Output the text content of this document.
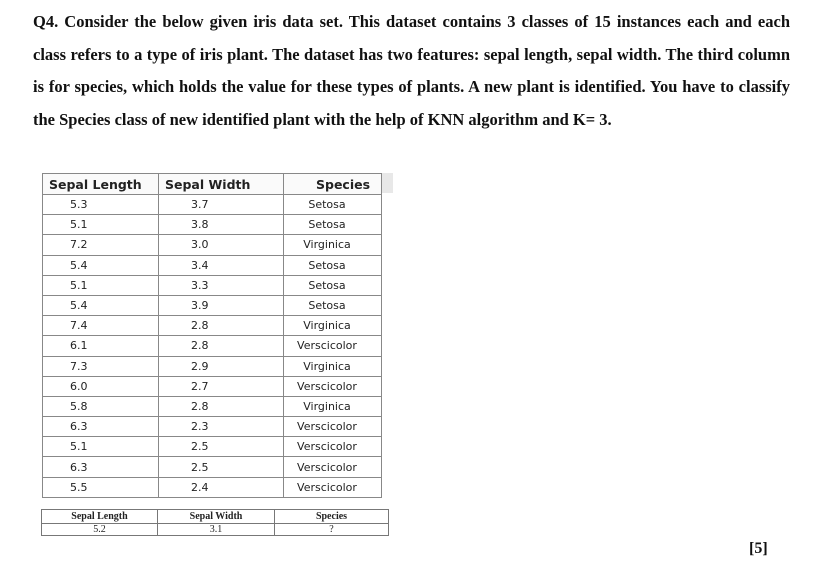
Q4. Consider the below given iris data set. This dataset contains 3 classes of 15 instances each and each class refers to a type of iris plant. The dataset has two features: sepal length, sepal width. The third column is for species, which holds the value for these types of plants. A new plant is identified. You have to classify the Species class of new identified plant with the help of KNN algorithm and K= 3.
Sepal Length	Sepal Width	Species
5.3	3.7	Setosa
5.1	3.8	Setosa
7.2	3.0	Virginica
5.4	3.4	Setosa
5.1	3.3	Setosa
5.4	3.9	Setosa
7.4	2.8	Virginica
6.1	2.8	Verscicolor
7.3	2.9	Virginica
6.0	2.7	Verscicolor
5.8	2.8	Virginica
6.3	2.3	Verscicolor
5.1	2.5	Verscicolor
6.3	2.5	Verscicolor
5.5	2.4	Verscicolor
Sepal Length	Sepal Width	Species
5.2	3.1	?
[5]
